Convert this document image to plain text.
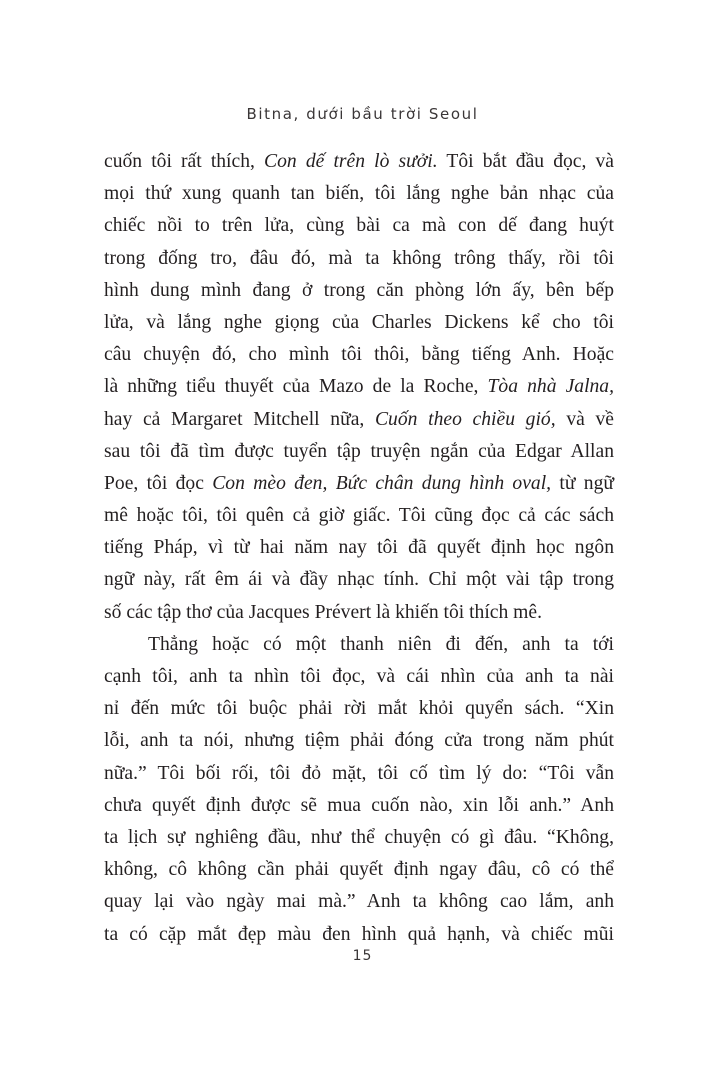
Bitna, dưới bầu trời Seoul
cuốn tôi rất thích, Con dế trên lò sưởi. Tôi bắt đầu đọc, và
mọi thứ xung quanh tan biến, tôi lắng nghe bản nhạc của
chiếc nồi to trên lửa, cùng bài ca mà con dế đang huýt
trong đống tro, đâu đó, mà ta không trông thấy, rồi tôi
hình dung mình đang ở trong căn phòng lớn ấy, bên bếp
lửa, và lắng nghe giọng của Charles Dickens kể cho tôi
câu chuyện đó, cho mình tôi thôi, bằng tiếng Anh. Hoặc
là những tiểu thuyết của Mazo de la Roche, Tòa nhà Jalna,
hay cả Margaret Mitchell nữa, Cuốn theo chiều gió, và về
sau tôi đã tìm được tuyển tập truyện ngắn của Edgar Allan
Poe, tôi đọc Con mèo đen, Bức chân dung hình oval, từ ngữ
mê hoặc tôi, tôi quên cả giờ giấc. Tôi cũng đọc cả các sách
tiếng Pháp, vì từ hai năm nay tôi đã quyết định học ngôn
ngữ này, rất êm ái và đầy nhạc tính. Chỉ một vài tập trong
số các tập thơ của Jacques Prévert là khiến tôi thích mê.
Thẳng hoặc có một thanh niên đi đến, anh ta tới
cạnh tôi, anh ta nhìn tôi đọc, và cái nhìn của anh ta nài
nỉ đến mức tôi buộc phải rời mắt khỏi quyển sách. “Xin
lỗi, anh ta nói, nhưng tiệm phải đóng cửa trong năm phút
nữa.” Tôi bối rối, tôi đỏ mặt, tôi cố tìm lý do: “Tôi vẫn
chưa quyết định được sẽ mua cuốn nào, xin lỗi anh.” Anh
ta lịch sự nghiêng đầu, như thể chuyện có gì đâu. “Không,
không, cô không cần phải quyết định ngay đâu, cô có thể
quay lại vào ngày mai mà.” Anh ta không cao lắm, anh
ta có cặp mắt đẹp màu đen hình quả hạnh, và chiếc mũi
15
